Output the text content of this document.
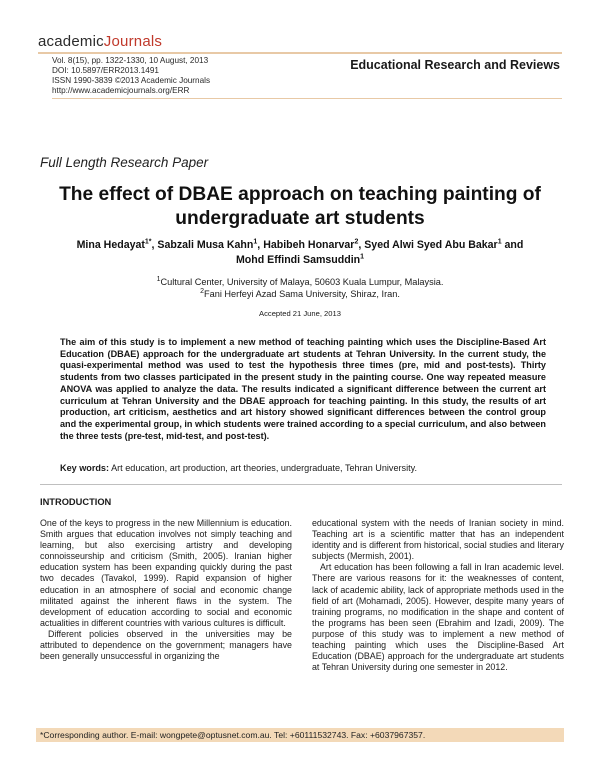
academicJournals
Vol. 8(15), pp. 1322-1330, 10 August, 2013
DOI: 10.5897/ERR2013.1491
ISSN 1990-3839 ©2013 Academic Journals
http://www.academicjournals.org/ERR
Educational Research and Reviews
Full Length Research Paper
The effect of DBAE approach on teaching painting of
undergraduate art students
Mina Hedayat$^{1*}$, Sabzali Musa Kahn$^1$, Habibeh Honarvar$^2$, Syed Alwi Syed Abu Bakar$^1$ and
Mohd Effindi Samsuddin$^1$
$^1$Cultural Center, University of Malaya, 50603 Kuala Lumpur, Malaysia.
$^2$Fani Herfeyi Azad Sama University, Shiraz, Iran.
Accepted 21 June, 2013
The aim of this study is to implement a new method of teaching painting which uses the Discipline-Based Art Education (DBAE) approach for the undergraduate art students at Tehran University. In the current study, the quasi-experimental method was used to test the hypothesis three times (pre, mid and post-tests). Thirty students from two classes participated in the present study in the painting course. One way repeated measure ANOVA was applied to analyze the data. The results indicated a significant difference between the current art curriculum at Tehran University and the DBAE approach for teaching painting. In this study, the results of art production, art criticism, aesthetics and art history showed significant differences between the control group and the experimental group, in which students were trained according to a special curriculum, and also between the three tests (pre-test, mid-test, and post-test).
Key words: Art education, art production, art theories, undergraduate, Tehran University.
INTRODUCTION

One of the keys to progress in the new Millennium is education. Smith argues that education involves not simply teaching and learning, but also exercising artistry and developing connoisseurship and criticism (Smith, 2005). Iranian higher education system has been expanding quickly during the past two decades (Tavakol, 1999). Rapid expansion of higher education in an atmosphere of social and economic change militated against the inherent flaws in the system. The development of education according to social and economic actualities in different countries with various cultures is difficult.

Different policies observed in the universities may be attributed to dependence on the government; managers have been generally unsuccessful in organizing the

educational system with the needs of Iranian society in mind. Teaching art is a scientific matter that has an independent identity and is different from historical, social studies and literary subjects (Mermish, 2001).

Art education has been following a fall in Iran academic level. There are various reasons for it: the weaknesses of content, lack of academic ability, lack of appropriate methods used in the field of art (Mohamadi, 2005). However, despite many years of training programs, no modification in the shape and content of the programs has been seen (Ebrahim and Izadi, 2009). The purpose of this study was to implement a new method of teaching painting which uses the Discipline-Based Art Education (DBAE) approach for the undergraduate art students at Tehran University during one semester in 2012.

*Corresponding author. E-mail: wongpete@optusnet.com.au. Tel: +60111532743. Fax: +6037967357.
